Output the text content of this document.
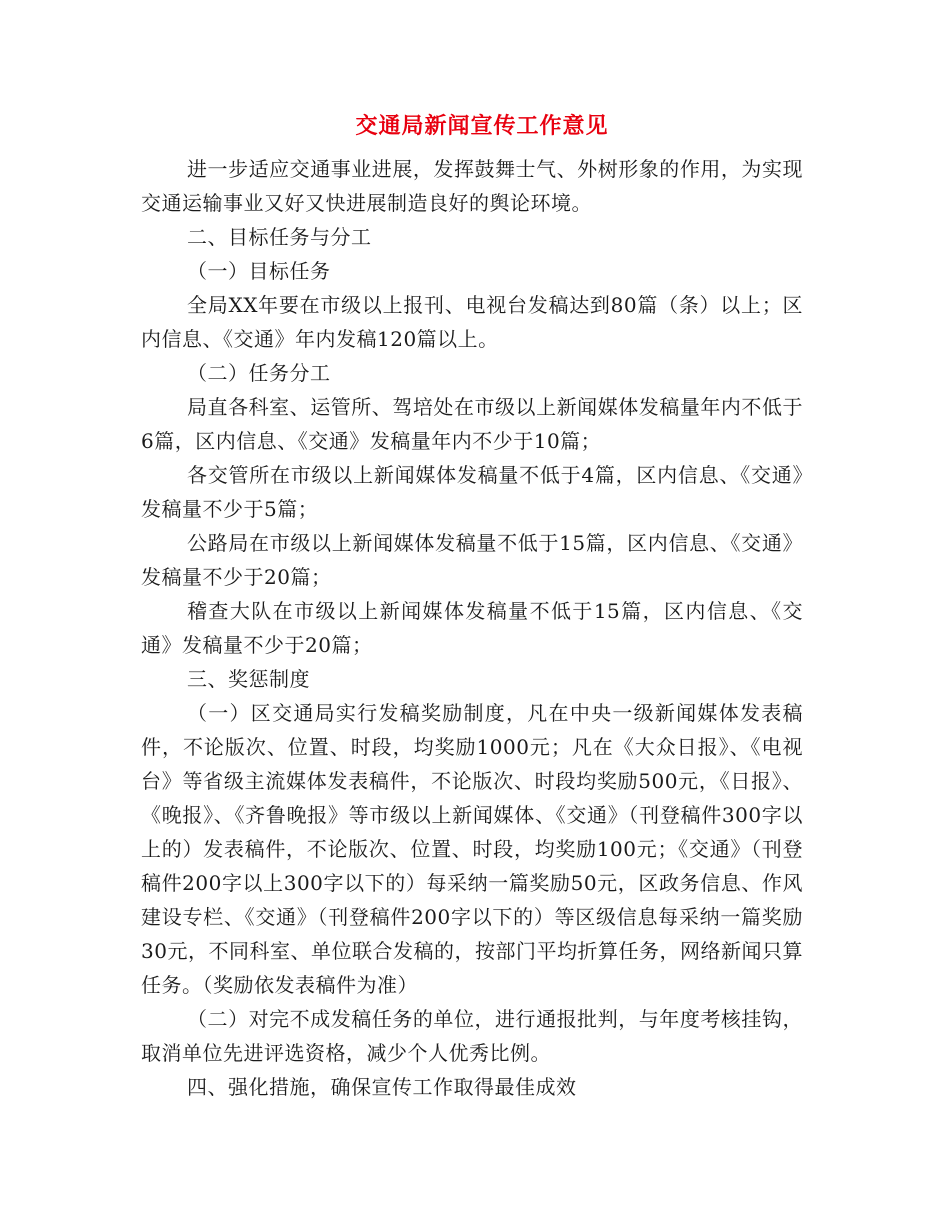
交通局新闻宣传工作意见

进一步适应交通事业进展，发挥鼓舞士气、外树形象的作用，为实现交通运输事业又好又快进展制造良好的舆论环境。

二、目标任务与分工

（一）目标任务

全局XX年要在市级以上报刊、电视台发稿达到80篇（条）以上；区内信息、《交通》年内发稿120篇以上。

（二）任务分工

局直各科室、运管所、驾培处在市级以上新闻媒体发稿量年内不低于6篇，区内信息、《交通》发稿量年内不少于10篇；

各交管所在市级以上新闻媒体发稿量不低于4篇，区内信息、《交通》发稿量不少于5篇；

公路局在市级以上新闻媒体发稿量不低于15篇，区内信息、《交通》发稿量不少于20篇；

稽查大队在市级以上新闻媒体发稿量不低于15篇，区内信息、《交通》发稿量不少于20篇；

三、奖惩制度

（一）区交通局实行发稿奖励制度，凡在中央一级新闻媒体发表稿件，不论版次、位置、时段，均奖励1000元；凡在《大众日报》、《电视台》等省级主流媒体发表稿件，不论版次、时段均奖励500元，《日报》、《晚报》、《齐鲁晚报》等市级以上新闻媒体、《交通》（刊登稿件300字以上的）发表稿件，不论版次、位置、时段，均奖励100元；《交通》（刊登稿件200字以上300字以下的）每采纳一篇奖励50元，区政务信息、作风建设专栏、《交通》（刊登稿件200字以下的）等区级信息每采纳一篇奖励30元，不同科室、单位联合发稿的，按部门平均折算任务，网络新闻只算任务。（奖励依发表稿件为准）

（二）对完不成发稿任务的单位，进行通报批判，与年度考核挂钩，取消单位先进评选资格，减少个人优秀比例。

四、强化措施，确保宣传工作取得最佳成效
